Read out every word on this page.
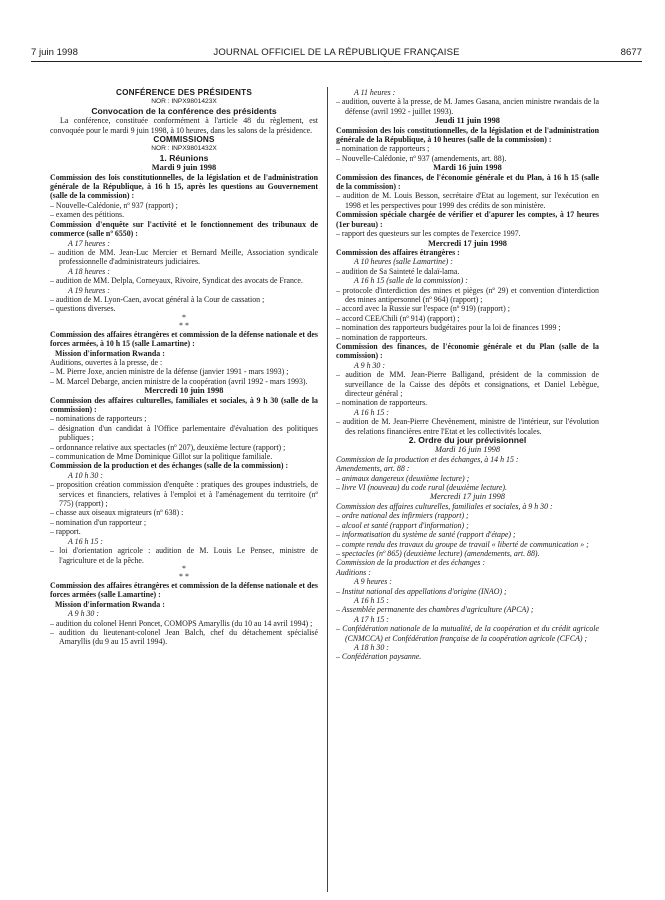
7 juin 1998	JOURNAL OFFICIEL DE LA RÉPUBLIQUE FRANÇAISE	8677
CONFÉRENCE DES PRÉSIDENTS
NOR : INPX9801423X
Convocation de la conférence des présidents
La conférence, constituée conformément à l'article 48 du règlement, est convoquée pour le mardi 9 juin 1998, à 10 heures, dans les salons de la présidence.
COMMISSIONS
NOR : INPX9801432X
1. Réunions
Mardi 9 juin 1998
Commission des lois constitutionnelles, de la législation et de l'administration générale de la République, à 16 h 15, après les questions au Gouvernement (salle de la commission) :
– Nouvelle-Calédonie, nº 937 (rapport) ;
– examen des pétitions.
Commission d'enquête sur l'activité et le fonctionnement des tribunaux de commerce (salle nº 6550) :
A 17 heures :
– audition de MM. Jean-Luc Mercier et Bernard Meille, Association syndicale professionnelle d'administrateurs judiciaires.
A 18 heures :
– audition de MM. Delpla, Corneyaux, Rivoire, Syndicat des avocats de France.
A 19 heures :
– audition de M. Lyon-Caen, avocat général à la Cour de cassation ;
– questions diverses.
*
* *
Commission des affaires étrangères et commission de la défense nationale et des forces armées, à 10 h 15 (salle Lamartine) :
Mission d'information Rwanda :
Auditions, ouvertes à la presse, de :
– M. Pierre Joxe, ancien ministre de la défense (janvier 1991 - mars 1993) ;
– M. Marcel Debarge, ancien ministre de la coopération (avril 1992 - mars 1993).
Mercredi 10 juin 1998
Commission des affaires culturelles, familiales et sociales, à 9 h 30 (salle de la commission) :
– nominations de rapporteurs ;
– désignation d'un candidat à l'Office parlementaire d'évaluation des politiques publiques ;
– ordonnance relative aux spectacles (nº 207), deuxième lecture (rapport) ;
– communication de Mme Dominique Gillot sur la politique familiale.
Commission de la production et des échanges (salle de la commission) :
A 10 h 30 :
– proposition création commission d'enquête : pratiques des groupes industriels, de services et financiers, relatives à l'emploi et à l'aménagement du territoire (nº 775) (rapport) ;
– chasse aux oiseaux migrateurs (nº 638) :
– nomination d'un rapporteur ;
– rapport.
A 16 h 15 :
– loi d'orientation agricole : audition de M. Louis Le Pensec, ministre de l'agriculture et de la pêche.
*
* *
Commission des affaires étrangères et commission de la défense nationale et des forces armées (salle Lamartine) :
Mission d'information Rwanda :
A 9 h 30 :
– audition du colonel Henri Poncet, COMOPS Amaryllis (du 10 au 14 avril 1994) ;
– audition du lieutenant-colonel Jean Balch, chef du détachement spécialisé Amaryllis (du 9 au 15 avril 1994).
A 11 heures :
– audition, ouverte à la presse, de M. James Gasana, ancien ministre rwandais de la défense (avril 1992 - juillet 1993).
Jeudi 11 juin 1998
Commission des lois constitutionnelles, de la législation et de l'administration générale de la République, à 10 heures (salle de la commission) :
– nomination de rapporteurs ;
– Nouvelle-Calédonie, nº 937 (amendements, art. 88).
Mardi 16 juin 1998
Commission des finances, de l'économie générale et du Plan, à 16 h 15 (salle de la commission) :
– audition de M. Louis Besson, secrétaire d'Etat au logement, sur l'exécution en 1998 et les perspectives pour 1999 des crédits de son ministère.
Commission spéciale chargée de vérifier et d'apurer les comptes, à 17 heures (1er bureau) :
– rapport des questeurs sur les comptes de l'exercice 1997.
Mercredi 17 juin 1998
Commission des affaires étrangères :
A 10 heures (salle Lamartine) :
– audition de Sa Sainteté le dalaï-lama.
A 16 h 15 (salle de la commission) :
– protocole d'interdiction des mines et pièges (nº 29) et convention d'interdiction des mines antipersonnel (nº 964) (rapport) ;
– accord avec la Russie sur l'espace (nº 919) (rapport) ;
– accord CEE/Chili (nº 914) (rapport) ;
– nomination des rapporteurs budgétaires pour la loi de finances 1999 ;
– nomination de rapporteurs.
Commission des finances, de l'économie générale et du Plan (salle de la commission) :
A 9 h 30 :
– audition de MM. Jean-Pierre Balligand, président de la commission de surveillance de la Caisse des dépôts et consignations, et Daniel Lebègue, directeur général ;
– nomination de rapporteurs.
A 16 h 15 :
– audition de M. Jean-Pierre Chevènement, ministre de l'intérieur, sur l'évolution des relations financières entre l'Etat et les collectivités locales.
2. Ordre du jour prévisionnel
Mardi 16 juin 1998
Commission de la production et des échanges, à 14 h 15 :
Amendements, art. 88 :
– animaux dangereux (deuxième lecture) ;
– livre VI (nouveau) du code rural (deuxième lecture).
Mercredi 17 juin 1998
Commission des affaires culturelles, familiales et sociales, à 9 h 30 :
– ordre national des infirmiers (rapport) ;
– alcool et santé (rapport d'information) ;
– informatisation du système de santé (rapport d'étape) ;
– compte rendu des travaux du groupe de travail « liberté de communication » ;
– spectacles (nº 865) (deuxième lecture) (amendements, art. 88).
Commission de la production et des échanges :
Auditions :
A 9 heures :
– Institut national des appellations d'origine (INAO) ;
A 16 h 15 :
– Assemblée permanente des chambres d'agriculture (APCA) ;
A 17 h 15 :
– Confédération nationale de la mutualité, de la coopération et du crédit agricole (CNMCCA) et Confédération française de la coopération agricole (CFCA) ;
A 18 h 30 :
– Confédération paysanne.
